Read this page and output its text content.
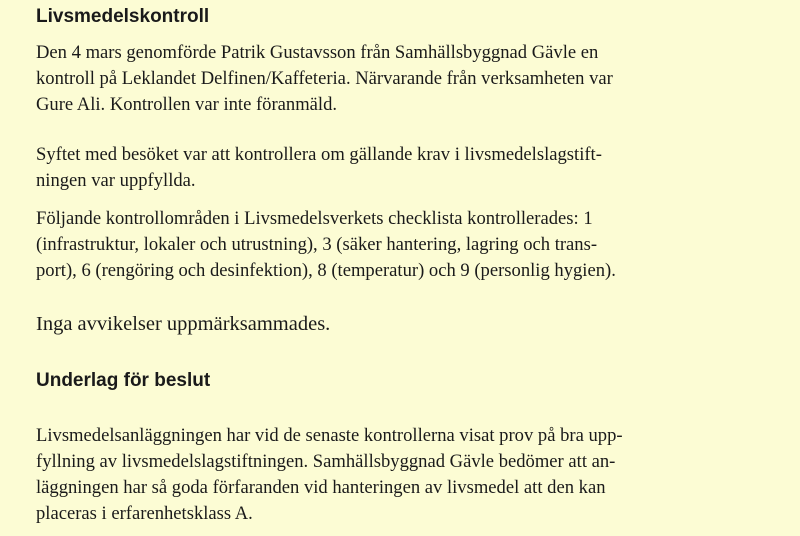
Livsmedelskontroll

Den 4 mars genomförde Patrik Gustavsson från Samhällsbyggnad Gävle en
kontroll på Leklandet Delfinen/Kaffeteria. Närvarande från verksamheten var
Gure Ali. Kontrollen var inte föranmäld.

Syftet med besöket var att kontrollera om gällande krav i livsmedelslagstift-
ningen var uppfyllda.

Följande kontrollområden i Livsmedelsverkets checklista kontrollerades: 1
(infrastruktur, lokaler och utrustning), 3 (säker hantering, lagring och trans-
port), 6 (rengöring och desinfektion), 8 (temperatur) och 9 (personlig hygien).

Inga avvikelser uppmärksammades.

Underlag för beslut

Livsmedelsanläggningen har vid de senaste kontrollerna visat prov på bra upp-
fyllning av livsmedelslagstiftningen. Samhällsbyggnad Gävle bedömer att an-
läggningen har så goda förfaranden vid hanteringen av livsmedel att den kan
placeras i erfarenhetsklass A.
